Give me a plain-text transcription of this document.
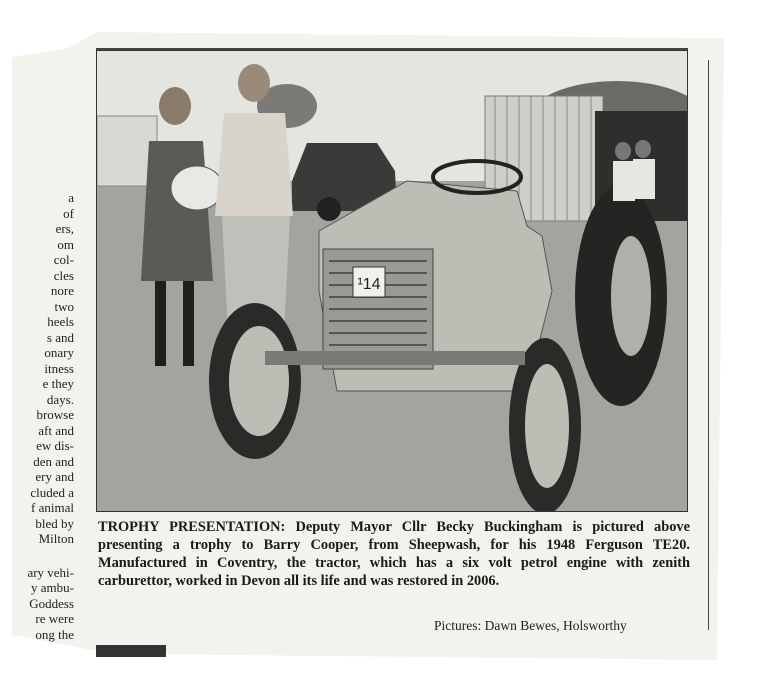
a
of
ers,
om
col-
cles
nore
two
heels
s and
onary
itness
e they
days.
browse
aft and
ew dis-
den and
ery and
cluded a
f animal
bled by
Milton
ary vehi-
y ambu-
Goddess
re were
ong the
¹14
TROPHY PRESENTATION: Deputy Mayor Cllr Becky Buckingham is pictured above presenting a trophy to Barry Cooper, from Sheepwash, for his 1948 Ferguson TE20. Manufactured in Coventry, the tractor, which has a six volt petrol engine with zenith carburettor, worked in Devon all its life and was restored in 2006.
Pictures: Dawn Bewes, Holsworthy
